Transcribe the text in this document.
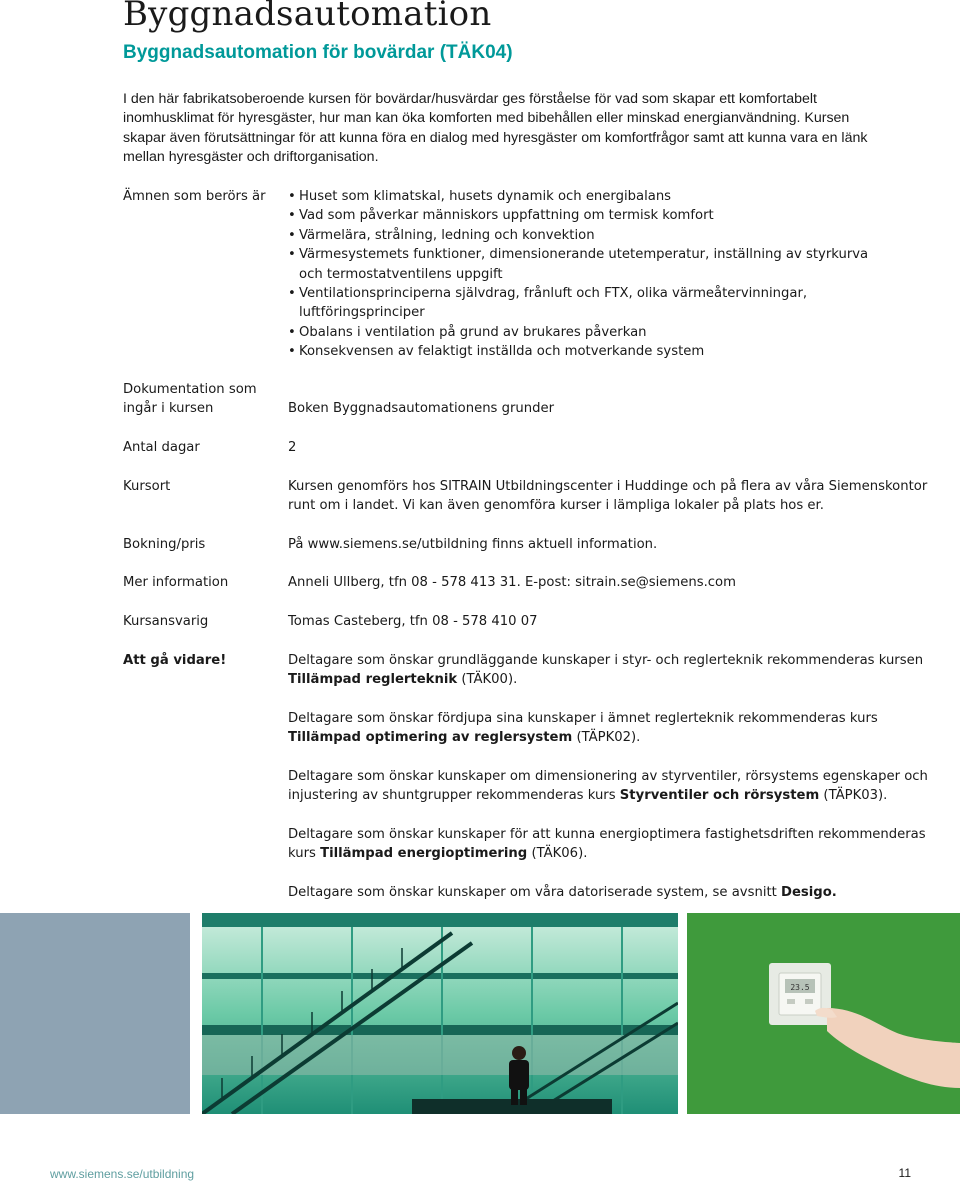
Byggnadsautomation
Byggnadsautomation för bovärdar (TÄK04)

I den här fabrikatsoberoende kursen för bovärdar/husvärdar ges förståelse för vad som skapar ett komfortabelt inomhusklimat för hyresgäster, hur man kan öka komforten med bibehållen eller minskad energianvändning. Kursen skapar även förutsättningar för att kunna föra en dialog med hyresgäster om komfortfrågor samt att kunna vara en länk mellan hyresgäster och driftorganisation.

Ämnen som berörs är
•	Huset som klimatskal, husets dynamik och energibalans
• Vad som påverkar människors uppfattning om termisk komfort
• Värmelära, strålning, ledning och konvektion
• Värmesystemets funktioner, dimensionerande utetemperatur, inställning av styrkurva och termostatventilens uppgift
• Ventilationsprinciperna självdrag, frånluft och FTX, olika värmeåtervinningar, luftföringsprinciper
• Obalans i ventilation på grund av brukares påverkan
• Konsekvensen av felaktigt inställda och motverkande system
Dokumentation som
ingår i kursen	Boken Byggnadsautomationens grunder
Antal dagar	2
Kursort	Kursen genomförs hos SITRAIN Utbildningscenter i Huddinge och på flera av våra Siemenskontor runt om i landet. Vi kan även genomföra kurser i lämpliga lokaler på plats hos er.
Bokning/pris	På www.siemens.se/utbildning finns aktuell information.
Mer information	Anneli Ullberg, tfn 08 - 578 413 31. E-post: sitrain.se@siemens.com
Kursansvarig	Tomas Casteberg, tfn 08 - 578 410 07
Att gå vidare!	Deltagare som önskar grundläggande kunskaper i styr- och reglerteknik rekommenderas kursen Tillämpad reglerteknik (TÄK00).

Deltagare som önskar fördjupa sina kunskaper i ämnet reglerteknik rekommenderas kurs Tillämpad optimering av reglersystem (TÄPK02).

Deltagare som önskar kunskaper om dimensionering av styrventiler, rörsystems egenskaper och injustering av shuntgrupper rekommenderas kurs Styrventiler och rörsystem (TÄPK03).

Deltagare som önskar kunskaper för att kunna energioptimera fastighetsdriften rekommenderas kurs Tillämpad energioptimering (TÄK06).

Deltagare som önskar kunskaper om våra datoriserade system, se avsnitt Desigo.

23.5
www.siemens.se/utbildning	11
